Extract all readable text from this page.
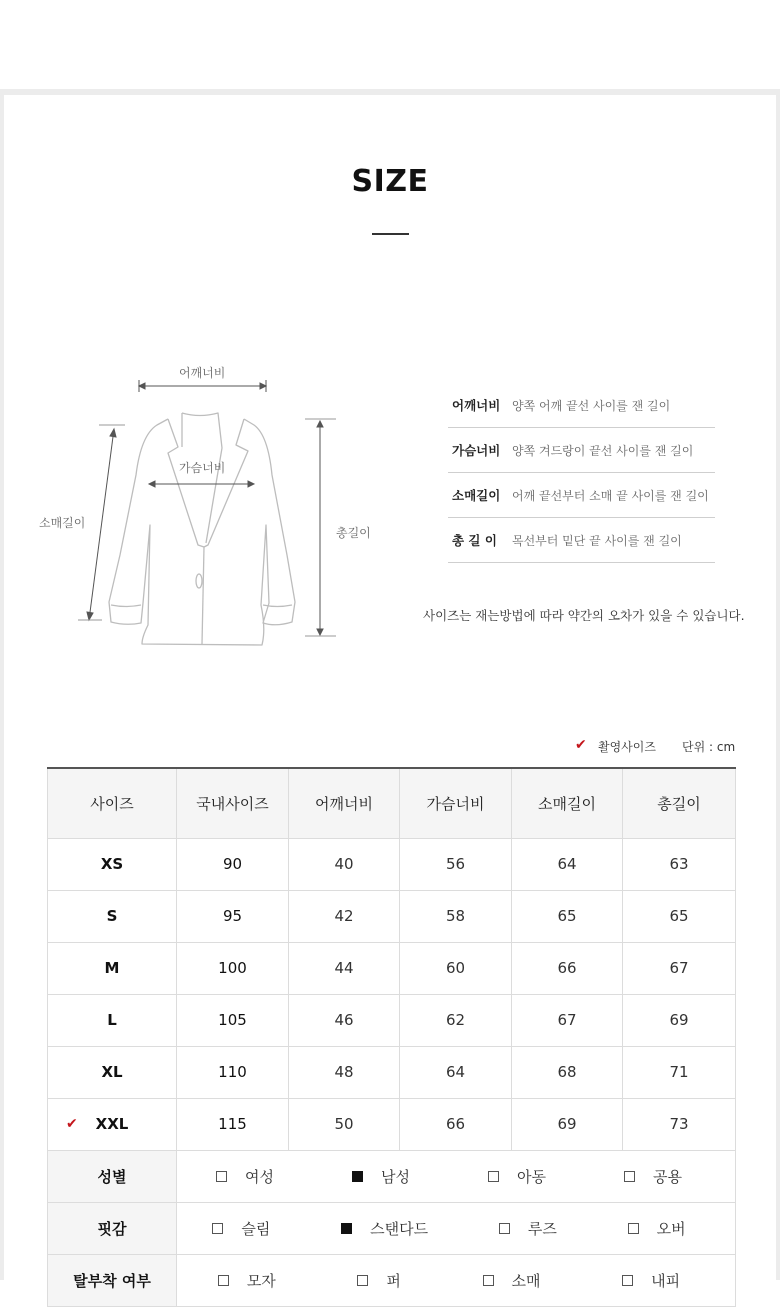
SIZE
어깨너비
가슴너비
소매길이
총길이
어깨너비 양쪽 어깨 끝선 사이를 잰 길이
가슴너비 양쪽 겨드랑이 끝선 사이를 잰 길이
소매길이 어깨 끝선부터 소매 끝 사이를 잰 길이
총 길 이	목선부터 밑단 끝 사이를 잰 길이

사이즈는 재는방법에 따라 약간의 오차가 있을 수 있습니다.

✔ 촬영사이즈 단위 : cm
사이즈	국내사이즈	어깨너비	가슴너비	소매길이	총길이
XS	90	40	56	64	63
S	95	42	58	65	65
M	100	44	60	66	67
L	105	46	62	67	69
XL	110	48	64	68	71

✔ XXL	115	50	66	69	73
성별	여성 남성 아동 공용				

핏감	슬림 스탠다드 루즈 오버				

탈부착 여부	모자 퍼 소매 내피				
